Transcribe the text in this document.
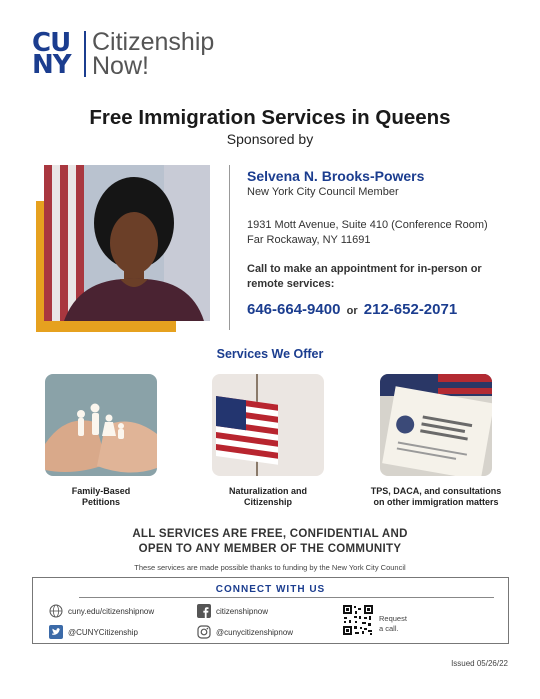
CU
NY
Citizenship
Now!
Free Immigration Services in Queens
Sponsored by
Selvena N. Brooks-Powers
New York City Council Member
1931 Mott Avenue, Suite 410 (Conference Room)
Far Rockaway, NY 11691
Call to make an appointment for in-person or
remote services:
646-664-9400 or 212-652-2071
Services We Offer
Family-Based
Petitions
Naturalization and
Citizenship
TPS, DACA, and consultations
on other immigration matters
ALL SERVICES ARE FREE, CONFIDENTIAL AND
OPEN TO ANY MEMBER OF THE COMMUNITY
These services are made possible thanks to funding by the New York City Council
CONNECT WITH US
cuny.edu/citizenshipnow
@CUNYCitizenship
citizenshipnow
@cunycitizenshipnow
Request
a call.
Issued 05/26/22
